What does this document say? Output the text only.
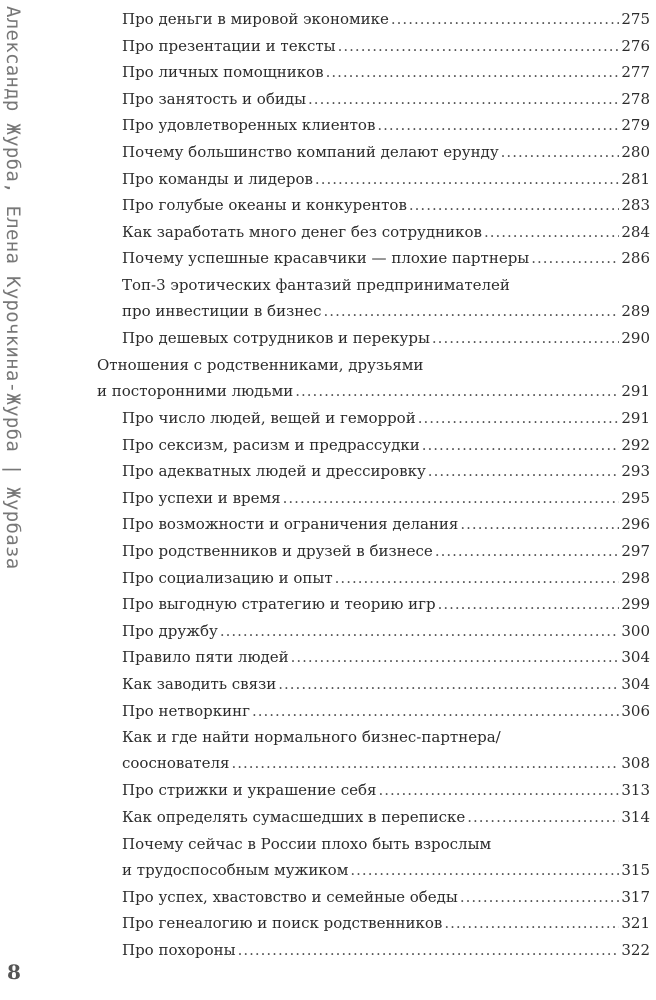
Александр Журба, Елена Курочкина-Журба | Журбаза
8
Про деньги в мировой экономике .....	275
Про презентации и тексты .....	276
Про личных помощников .....	277
Про занятость и обиды .....	278
Про удовлетворенных клиентов .....	279
Почему большинство компаний делают ерунду .....	280
Про команды и лидеров .....	281
Про голубые океаны и конкурентов .....	283
Как заработать много денег без сотрудников .....	284
Почему успешные красавчики — плохие партнеры .....	286
Топ-3 эротических фантазий предпринимателей
про инвестиции в бизнес .....	289
Про дешевых сотрудников и перекуры .....	290
Отношения с родственниками, друзьями
и посторонними людьми .....	291
Про число людей, вещей и геморрой .....	291
Про сексизм, расизм и предрассудки .....	292
Про адекватных людей и дрессировку .....	293
Про успехи и время .....	295
Про возможности и ограничения делания .....	296
Про родственников и друзей в бизнесе .....	297
Про социализацию и опыт .....	298
Про выгодную стратегию и теорию игр .....	299
Про дружбу .....	300
Правило пяти людей .....	304
Как заводить связи .....	304
Про нетворкинг .....	306
Как и где найти нормального бизнес-партнера/
сооснователя .....	308
Про стрижки и украшение себя .....	313
Как определять сумасшедших в переписке .....	314
Почему сейчас в России плохо быть взрослым
и трудоспособным мужиком .....	315
Про успех, хвастовство и семейные обеды .....	317
Про генеалогию и поиск родственников .....	321
Про похороны .....	322
